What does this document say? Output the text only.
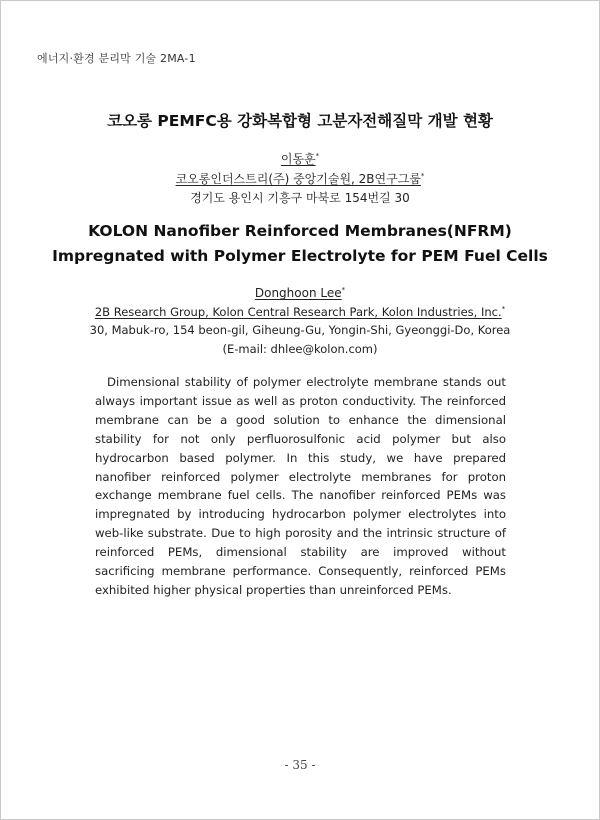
에너지·환경 분리막 기술 2MA-1
코오롱 PEMFC용 강화복합형 고분자전해질막 개발 현황
이동훈*
코오롱인더스트리(주) 중앙기술원, 2B연구그룹*
경기도 용인시 기흥구 마북로 154번길 30
KOLON Nanofiber Reinforced Membranes(NFRM)
Impregnated with Polymer Electrolyte for PEM Fuel Cells
Donghoon Lee*
2B Research Group, Kolon Central Research Park, Kolon Industries, Inc.*
30, Mabuk-ro, 154 beon-gil, Giheung-Gu, Yongin-Shi, Gyeonggi-Do, Korea
(E-mail: dhlee@kolon.com)
Dimensional stability of polymer electrolyte membrane stands out always important issue as well as proton conductivity. The reinforced membrane can be a good solution to enhance the dimensional stability for not only perfluorosulfonic acid polymer but also hydrocarbon based polymer. In this study, we have prepared nanofiber reinforced polymer electrolyte membranes for proton exchange membrane fuel cells. The nanofiber reinforced PEMs was impregnated by introducing hydrocarbon polymer electrolytes into web-like substrate. Due to high porosity and the intrinsic structure of reinforced PEMs, dimensional stability are improved without sacrificing membrane performance. Consequently, reinforced PEMs exhibited higher physical properties than unreinforced PEMs.
- 35 -
